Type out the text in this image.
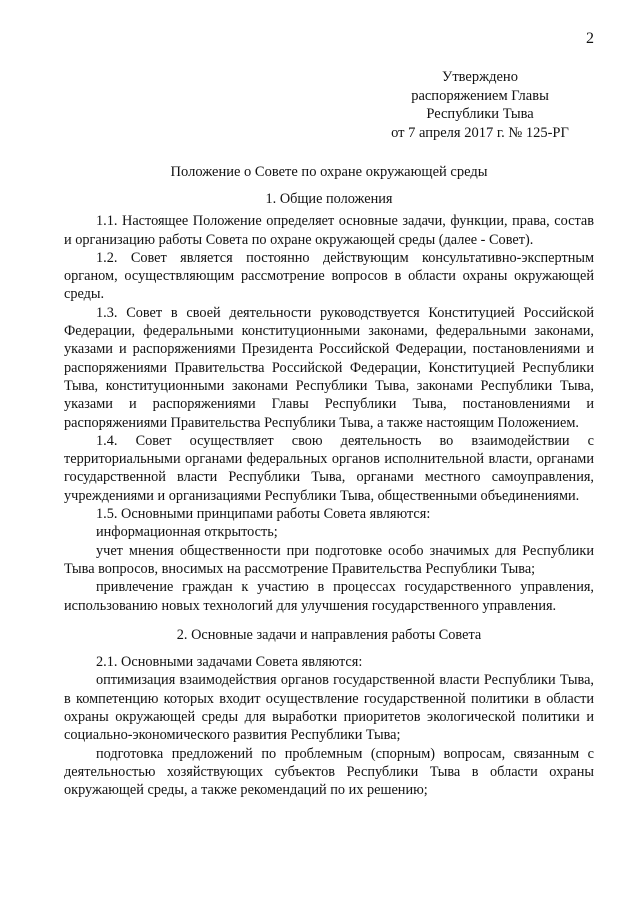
2
Утверждено
распоряжением Главы
Республики Тыва
от 7 апреля 2017 г. № 125-РГ
Положение о Совете по охране окружающей среды
1. Общие положения

1.1. Настоящее Положение определяет основные задачи, функции, права, состав и организацию работы Совета по охране окружающей среды (далее - Совет).

1.2. Совет является постоянно действующим консультативно-экспертным органом, осуществляющим рассмотрение вопросов в области охраны окружающей среды.

1.3. Совет в своей деятельности руководствуется Конституцией Российской Федерации, федеральными конституционными законами, федеральными законами, указами и распоряжениями Президента Российской Федерации, постановлениями и распоряжениями Правительства Российской Федерации, Конституцией Республики Тыва, конституционными законами Республики Тыва, законами Республики Тыва, указами и распоряжениями Главы Республики Тыва, постановлениями и распоряжениями Правительства Республики Тыва, а также настоящим Положением.

1.4. Совет осуществляет свою деятельность во взаимодействии с территориальными органами федеральных органов исполнительной власти, органами государственной власти Республики Тыва, органами местного самоуправления, учреждениями и организациями Республики Тыва, общественными объединениями.

1.5. Основными принципами работы Совета являются:

информационная открытость;

учет мнения общественности при подготовке особо значимых для Республики Тыва вопросов, вносимых на рассмотрение Правительства Республики Тыва;

привлечение граждан к участию в процессах государственного управления, использованию новых технологий для улучшения государственного управления.

2. Основные задачи и направления работы Совета

2.1. Основными задачами Совета являются:

оптимизация взаимодействия органов государственной власти Республики Тыва, в компетенцию которых входит осуществление государственной политики в области охраны окружающей среды для выработки приоритетов экологической политики и социально-экономического развития Республики Тыва;

подготовка предложений по проблемным (спорным) вопросам, связанным с деятельностью хозяйствующих субъектов Республики Тыва в области охраны окружающей среды, а также рекомендаций по их решению;
